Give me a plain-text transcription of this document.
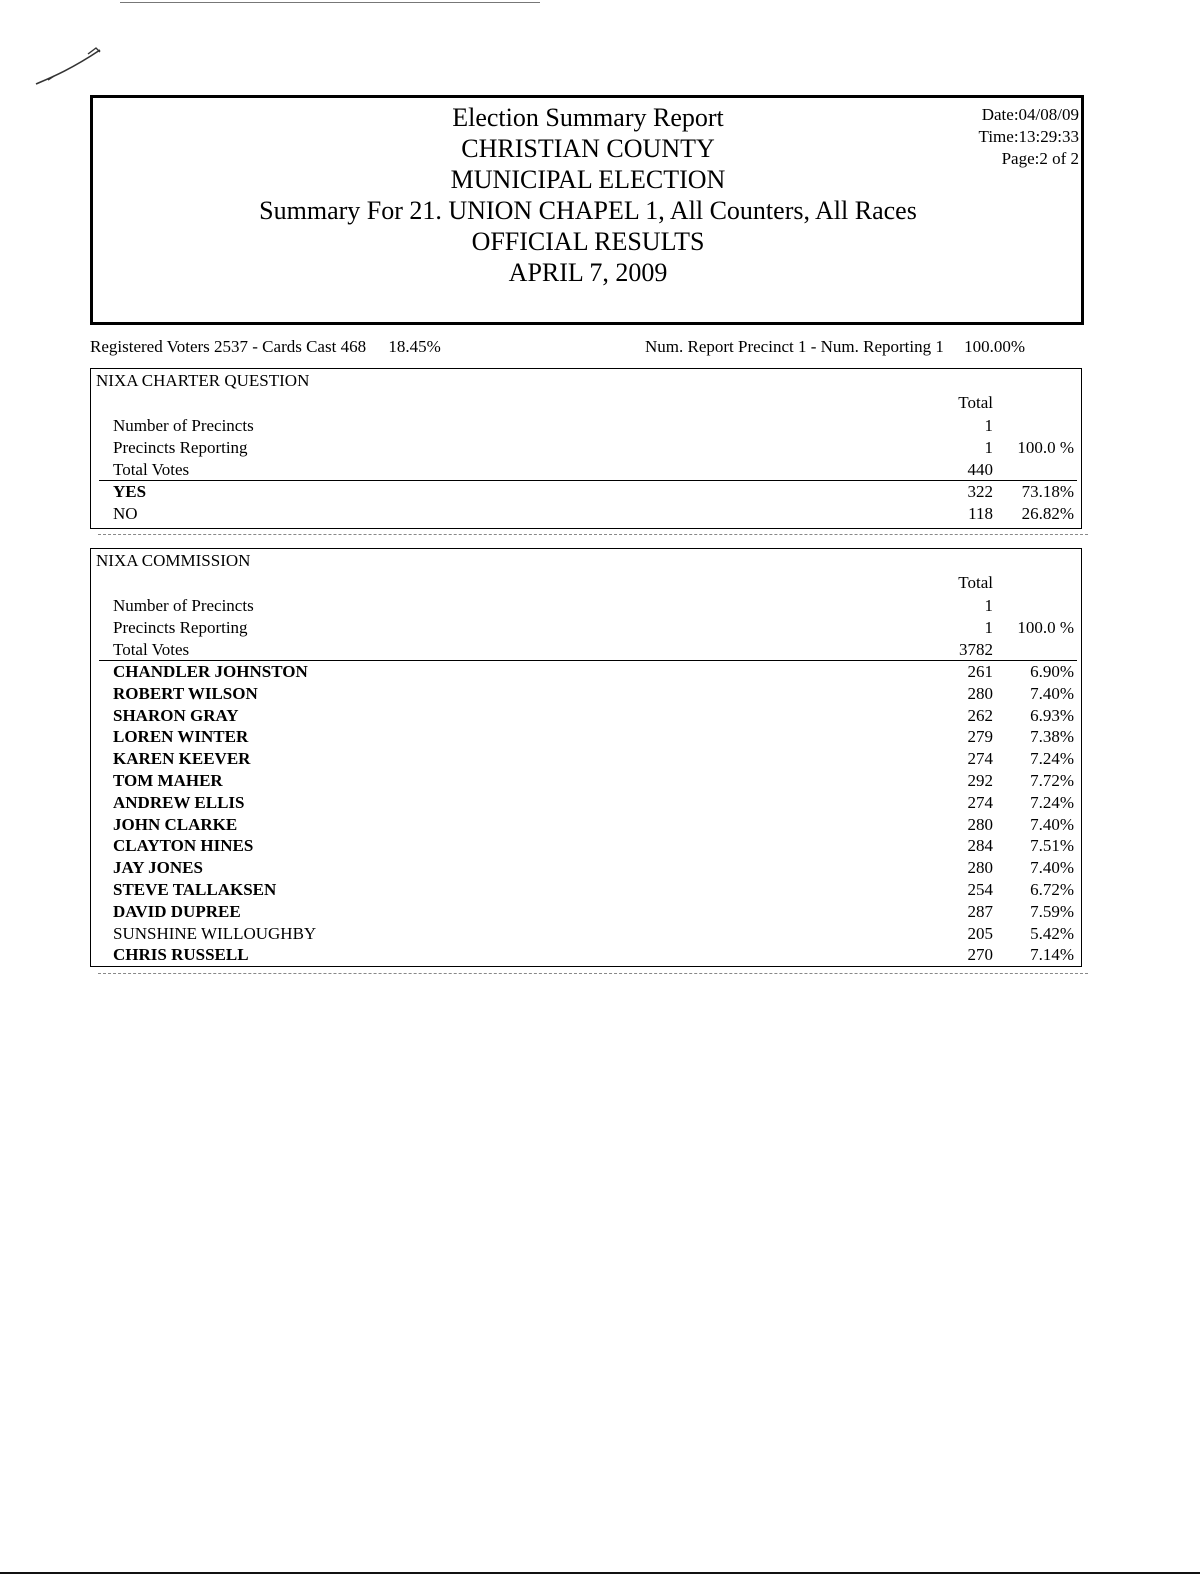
Election Summary Report
CHRISTIAN COUNTY
MUNICIPAL ELECTION
Summary For 21. UNION CHAPEL 1, All Counters, All Races
OFFICIAL RESULTS
APRIL 7, 2009
Date:04/08/09
Time:13:29:33
Page:2 of 2
Registered Voters 2537 - Cards Cast 468 18.45%	Num. Report Precinct 1 - Num. Reporting 1 100.00%
NIXA CHARTER QUESTION
Total
Number of Precincts	1
Precincts Reporting	1	100.0 %
Total Votes	440
YES	322	73.18%
NO	118	26.82%
NIXA COMMISSION
Total
Number of Precincts	1
Precincts Reporting	1	100.0 %
Total Votes	3782
CHANDLER JOHNSTON	261	6.90%
ROBERT WILSON	280	7.40%
SHARON GRAY	262	6.93%
LOREN WINTER	279	7.38%
KAREN KEEVER	274	7.24%
TOM MAHER	292	7.72%
ANDREW ELLIS	274	7.24%
JOHN CLARKE	280	7.40%
CLAYTON HINES	284	7.51%
JAY JONES	280	7.40%
STEVE TALLAKSEN	254	6.72%
DAVID DUPREE	287	7.59%
SUNSHINE WILLOUGHBY	205	5.42%
CHRIS RUSSELL	270	7.14%
